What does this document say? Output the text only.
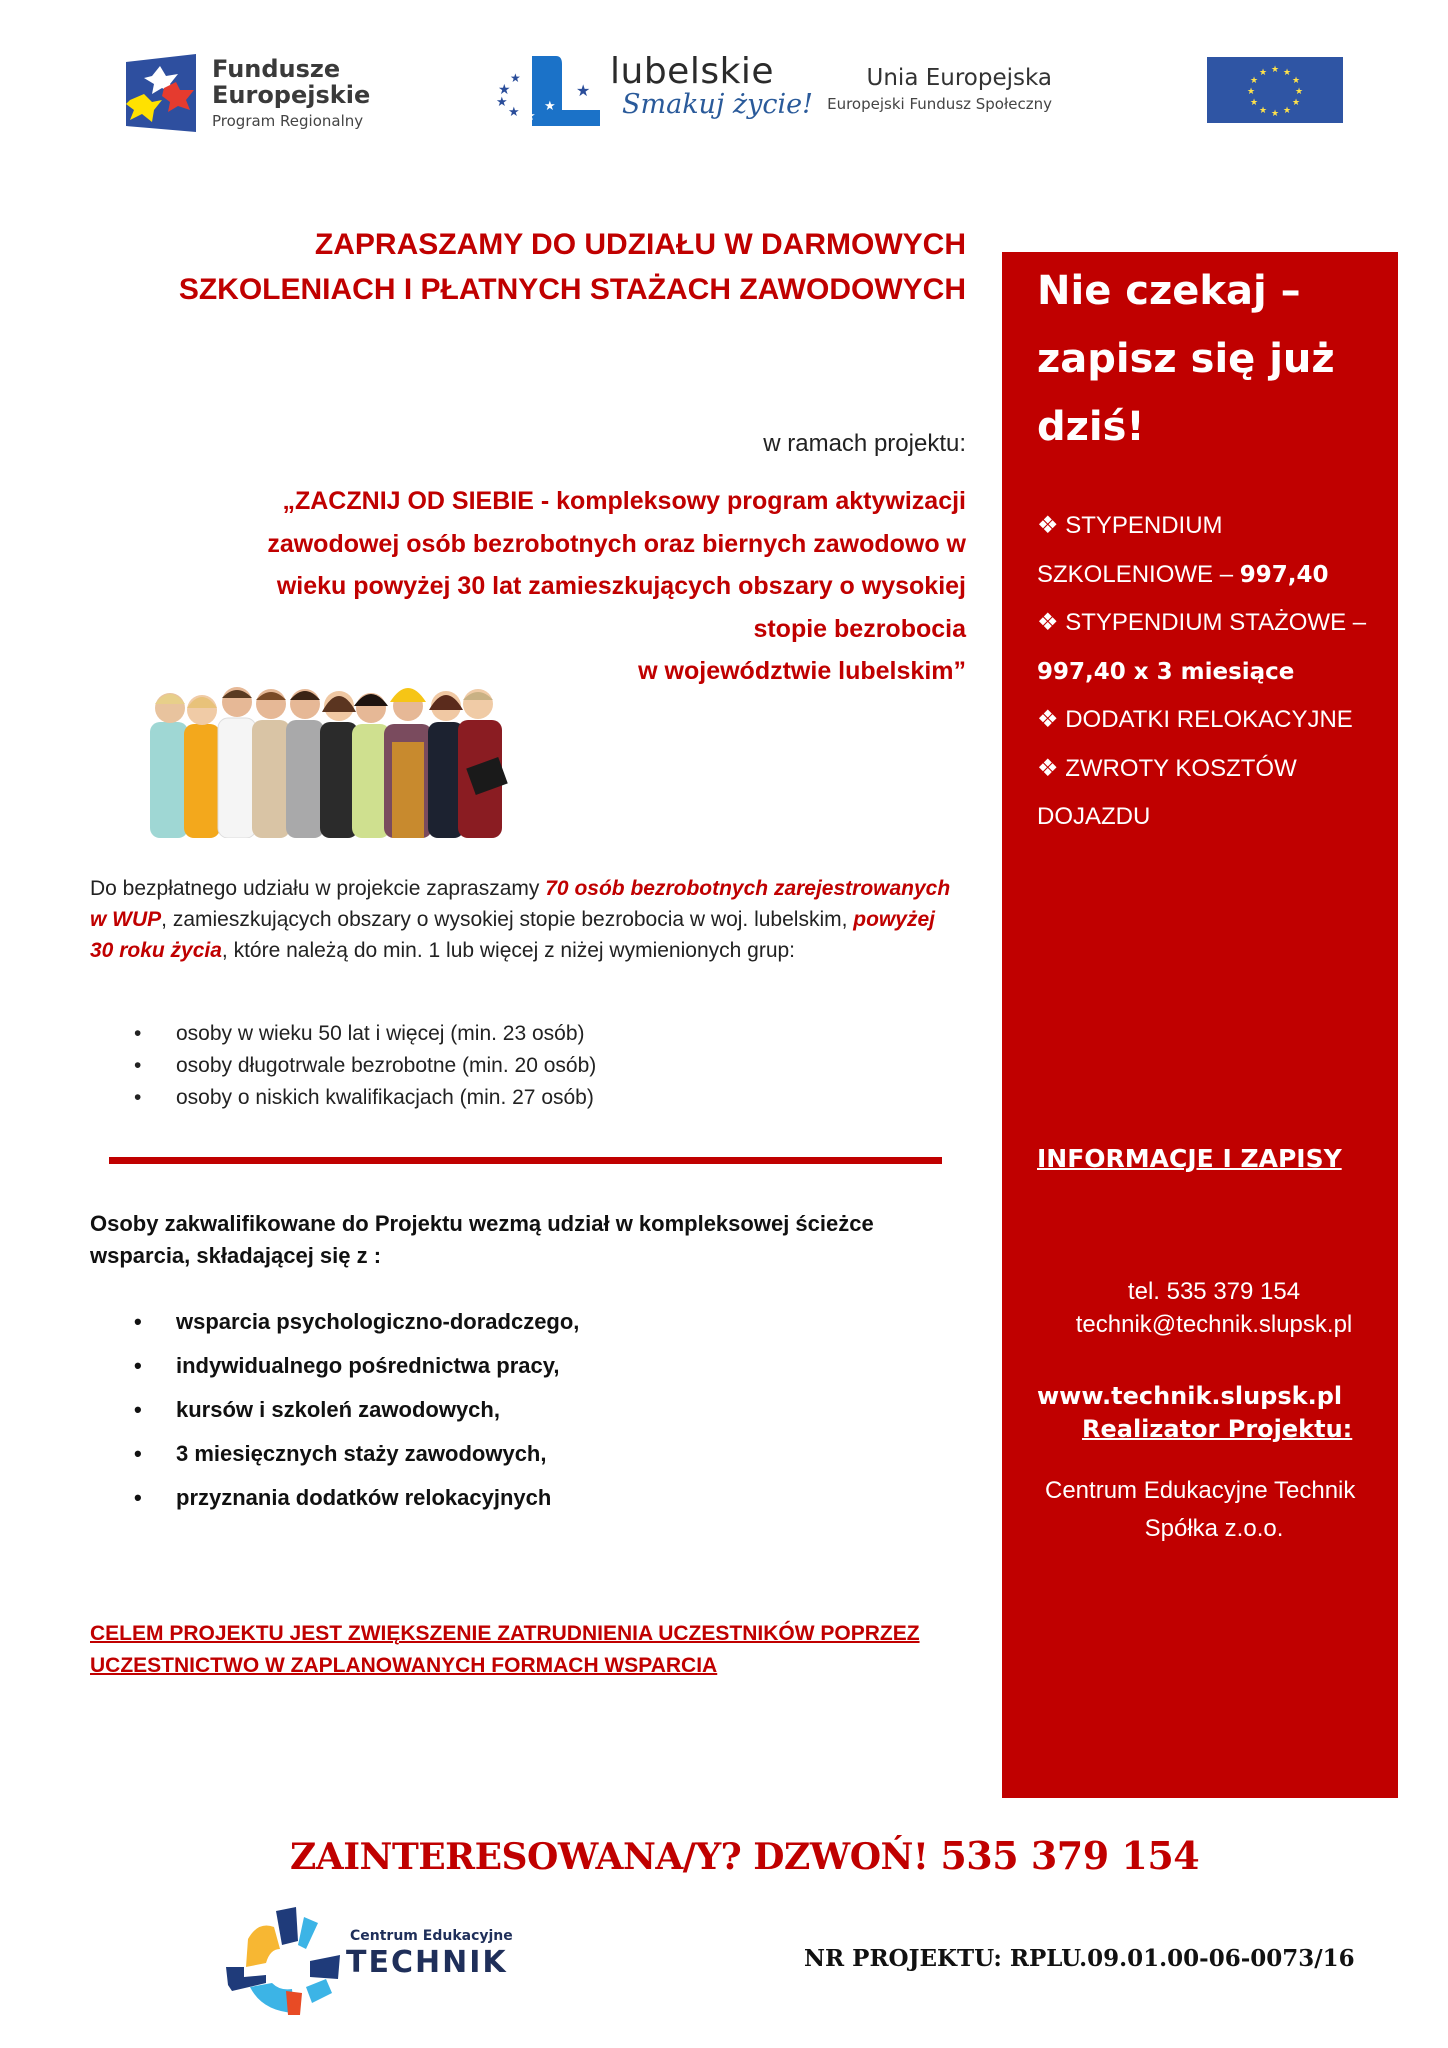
Fundusze
Europejskie
Program Regionalny
★
★
★
★ ★
★
★ lubelskie
Smakuj życie!
Unia Europejska
Europejski Fundusz Społeczny
★ ★
★
★
★
★
★
★
★
★
★
★
ZAPRASZAMY DO UDZIAŁU W DARMOWYCH SZKOLENIACH I PŁATNYCH STAŻACH ZAWODOWYCH
w ramach projektu:
„ZACZNIJ OD SIEBIE - kompleksowy program aktywizacji
zawodowej osób bezrobotnych oraz biernych zawodowo w
wieku powyżej 30 lat zamieszkujących obszary o wysokiej
stopie bezrobocia
w województwie lubelskim”
Do bezpłatnego udziału w projekcie zapraszamy 70 osób bezrobotnych zarejestrowanych w WUP, zamieszkujących obszary o wysokiej stopie bezrobocia w woj. lubelskim, powyżej 30 roku życia, które należą do min. 1 lub więcej z niżej wymienionych grup:
• osoby w wieku 50 lat i więcej (min. 23 osób)
• osoby długotrwale bezrobotne (min. 20 osób)
• osoby o niskich kwalifikacjach (min. 27 osób)
Osoby zakwalifikowane do Projektu wezmą udział w kompleksowej ścieżce wsparcia, składającej się z :
• wsparcia psychologiczno-doradczego,
• indywidualnego pośrednictwa pracy,
• kursów i szkoleń zawodowych,
• 3 miesięcznych staży zawodowych,
• przyznania dodatków relokacyjnych
CELEM PROJEKTU JEST ZWIĘKSZENIE ZATRUDNIENIA UCZESTNIKÓW POPRZEZ UCZESTNICTWO W ZAPLANOWANYCH FORMACH WSPARCIA
Nie czekaj –
zapisz się już
dziś!
❖ STYPENDIUM SZKOLENIOWE – 997,40
❖ STYPENDIUM STAŻOWE – 997,40 x 3 miesiące
❖ DODATKI RELOKACYJNE
❖ ZWROTY KOSZTÓW DOJAZDU
INFORMACJE I ZAPISY
tel. 535 379 154
technik@technik.slupsk.pl
www.technik.slupsk.pl
Realizator Projektu:
Centrum Edukacyjne Technik
Spółka z.o.o.
ZAINTERESOWANA/Y? DZWOŃ! 535 379 154
Centrum Edukacyjne
TECHNIK	NR PROJEKTU: RPLU.09.01.00-06-0073/16
